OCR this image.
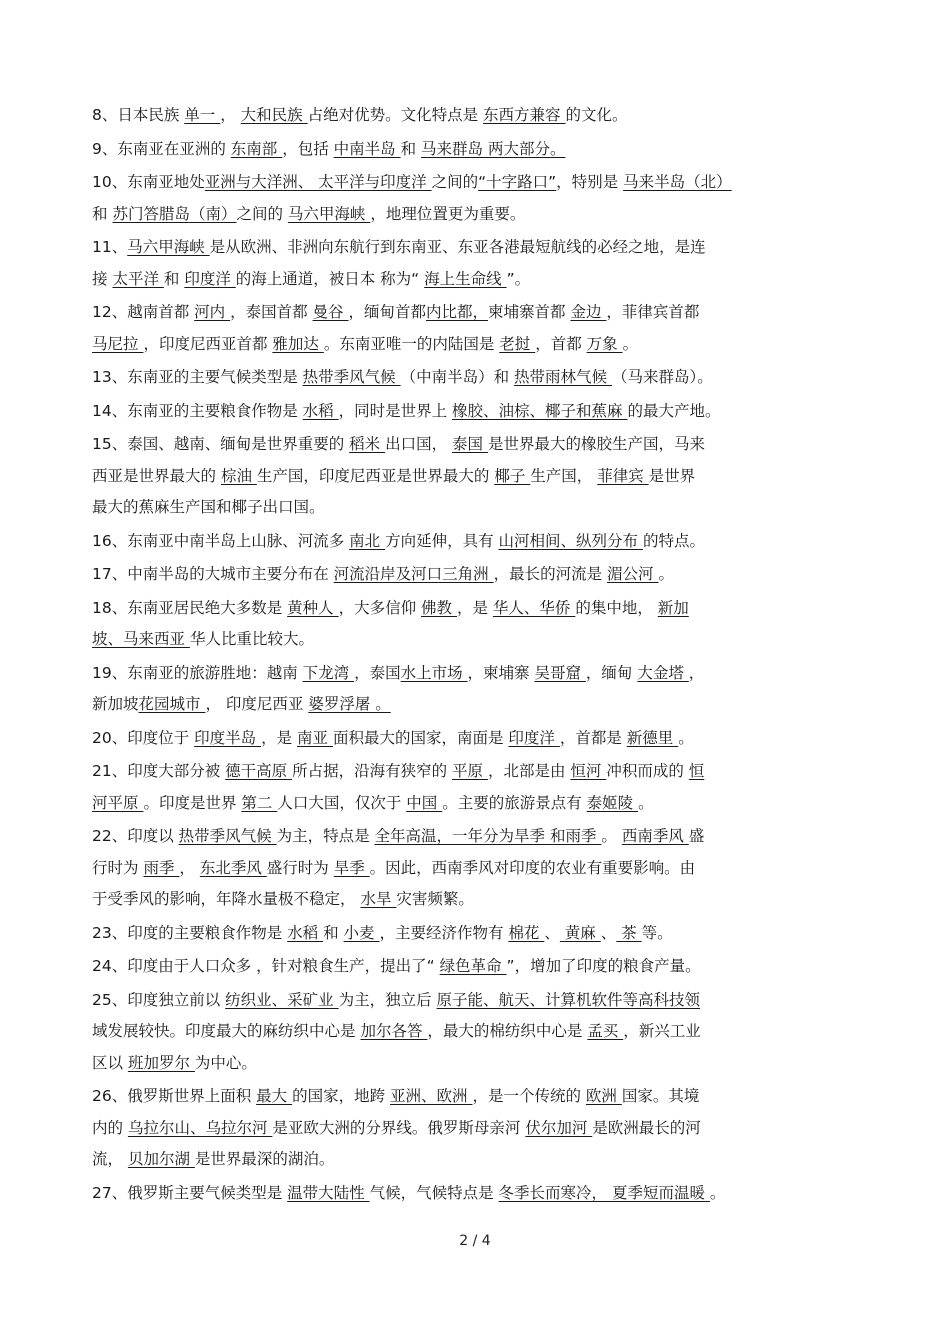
8、日本民族 单一 ， 大和民族 占绝对优势。文化特点是 东西方兼容 的文化。
9、东南亚在亚洲的 东南部 ，包括 中南半岛 和 马来群岛 两大部分。
10、东南亚地处亚洲与大洋洲、 太平洋与印度洋 之间的“十字路口”，特别是 马来半岛（北）
和 苏门答腊岛（南）之间的 马六甲海峡 ，地理位置更为重要。
11、马六甲海峡 是从欧洲、非洲向东航行到东南亚、东亚各港最短航线的必经之地，是连
接 太平洋 和 印度洋 的海上通道，被日本 称为“ 海上生命线 ”。
12、越南首都 河内 ，泰国首都 曼谷 ，缅甸首都内比都，柬埔寨首都 金边 ，菲律宾首都
马尼拉 ，印度尼西亚首都 雅加达 。东南亚唯一的内陆国是 老挝 ，首都 万象 。
13、东南亚的主要气候类型是 热带季风气候 （中南半岛）和 热带雨林气候 （马来群岛）。
14、东南亚的主要粮食作物是 水稻 ，同时是世界上 橡胶、油棕、椰子和蕉麻 的最大产地。
15、泰国、越南、缅甸是世界重要的 稻米 出口国， 泰国 是世界最大的橡胶生产国，马来
西亚是世界最大的 棕油 生产国，印度尼西亚是世界最大的 椰子 生产国， 菲律宾 是世界
最大的蕉麻生产国和椰子出口国。
16、东南亚中南半岛上山脉、河流多 南北 方向延伸，具有 山河相间、纵列分布 的特点。
17、中南半岛的大城市主要分布在 河流沿岸及河口三角洲 ，最长的河流是 湄公河 。
18、东南亚居民绝大多数是 黄种人 ，大多信仰 佛教 ，是 华人、华侨 的集中地， 新加
坡、马来西亚 华人比重比较大。
19、东南亚的旅游胜地：越南 下龙湾 ，泰国水上市场 ，柬埔寨 吴哥窟 ，缅甸 大金塔 ，
新加坡花园城市 ， 印度尼西亚 婆罗浮屠 。
20、印度位于 印度半岛 ，是 南亚 面积最大的国家，南面是 印度洋 ，首都是 新德里 。
21、印度大部分被 德干高原 所占据，沿海有狭窄的 平原 ，北部是由 恒河 冲积而成的 恒
河平原 。印度是世界 第二 人口大国，仅次于 中国 。主要的旅游景点有 泰姬陵 。
22、印度以 热带季风气候 为主，特点是 全年高温，一年分为旱季 和雨季 。 西南季风 盛
行时为 雨季 ， 东北季风 盛行时为 旱季 。因此，西南季风对印度的农业有重要影响。由
于受季风的影响，年降水量极不稳定， 水旱 灾害频繁。
23、印度的主要粮食作物是 水稻 和 小麦 ，主要经济作物有 棉花 、 黄麻 、 茶 等。
24、印度由于人口众多 ，针对粮食生产，提出了“ 绿色革命 ”，增加了印度的粮食产量。
25、印度独立前以 纺织业、采矿业 为主，独立后 原子能、航天、计算机软件等高科技领
域发展较快。印度最大的麻纺织中心是 加尔各答 ，最大的棉纺织中心是 孟买 ，新兴工业
区以 班加罗尔 为中心。
26、俄罗斯世界上面积 最大 的国家，地跨 亚洲、欧洲 ，是一个传统的 欧洲 国家。其境
内的 乌拉尔山、乌拉尔河 是亚欧大洲的分界线。俄罗斯母亲河 伏尔加河 是欧洲最长的河
流， 贝加尔湖 是世界最深的湖泊。
27、俄罗斯主要气候类型是 温带大陆性 气候，气候特点是 冬季长而寒冷， 夏季短而温暖 。
2 / 4
